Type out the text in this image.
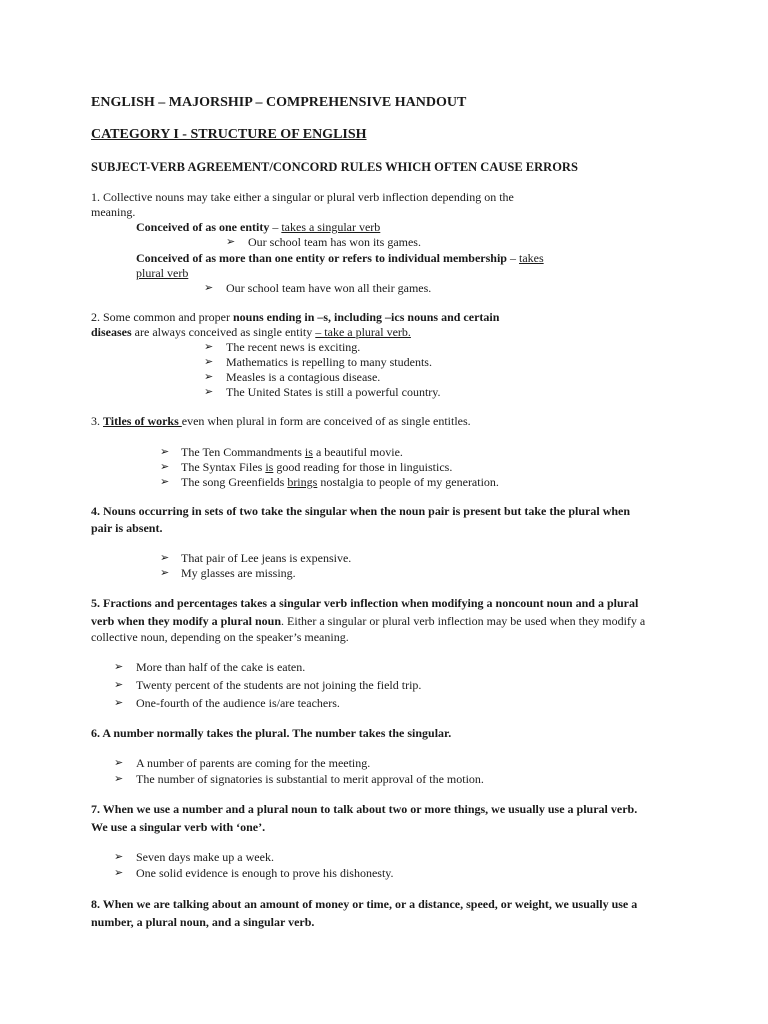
ENGLISH – MAJORSHIP – COMPREHENSIVE HANDOUT
CATEGORY I - STRUCTURE OF ENGLISH
SUBJECT-VERB AGREEMENT/CONCORD RULES WHICH OFTEN CAUSE ERRORS
1. Collective nouns may take either a singular or plural verb inflection depending on the
meaning.
Conceived of as one entity – takes a singular verb
➢ Our school team has won its games.
Conceived of as more than one entity or refers to individual membership – takes
plural verb
➢ Our school team have won all their games.
2. Some common and proper nouns ending in –s, including –ics nouns and certain
diseases are always conceived as single entity – take a plural verb.
➢ The recent news is exciting.
➢ Mathematics is repelling to many students.
➢ Measles is a contagious disease.
➢ The United States is still a powerful country.
3. Titles of works even when plural in form are conceived of as single entitles.
➢ The Ten Commandments is a beautiful movie.
➢ The Syntax Files is good reading for those in linguistics.
➢ The song Greenfields brings nostalgia to people of my generation.
4. Nouns occurring in sets of two take the singular when the noun pair is present but take the plural when
pair is absent.
➢ That pair of Lee jeans is expensive.
➢ My glasses are missing.
5. Fractions and percentages takes a singular verb inflection when modifying a noncount noun and a plural
verb when they modify a plural noun. Either a singular or plural verb inflection may be used when they modify a
collective noun, depending on the speaker’s meaning.
➢ More than half of the cake is eaten.
➢ Twenty percent of the students are not joining the field trip.
➢ One-fourth of the audience is/are teachers.
6. A number normally takes the plural. The number takes the singular.
➢ A number of parents are coming for the meeting.
➢ The number of signatories is substantial to merit approval of the motion.
7. When we use a number and a plural noun to talk about two or more things, we usually use a plural verb.
We use a singular verb with ‘one’.
➢ Seven days make up a week.
➢ One solid evidence is enough to prove his dishonesty.
8. When we are talking about an amount of money or time, or a distance, speed, or weight, we usually use a
number, a plural noun, and a singular verb.
